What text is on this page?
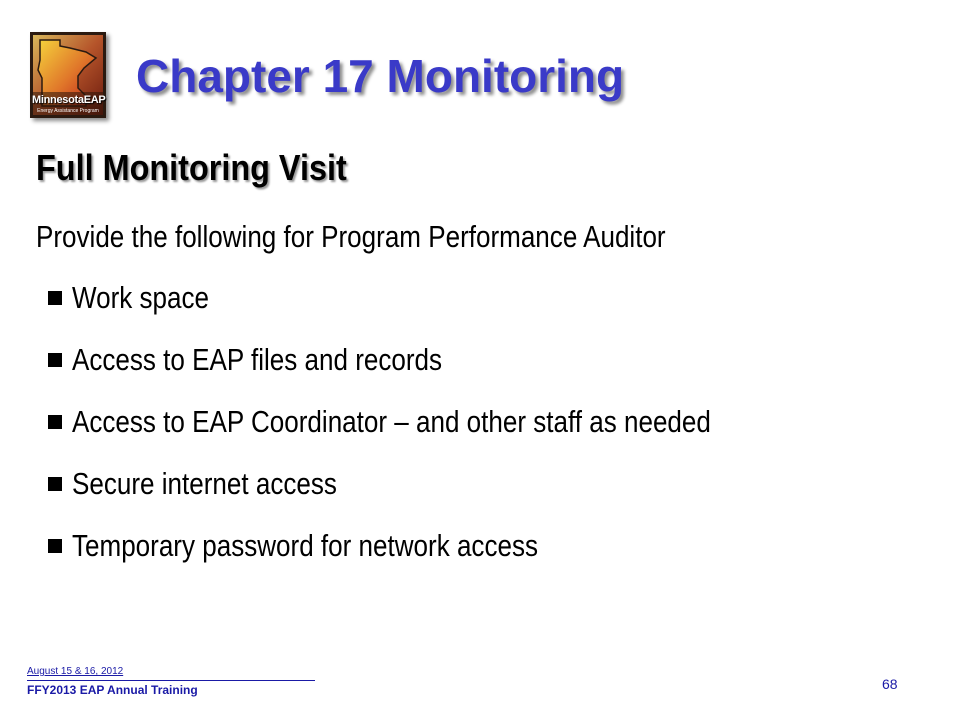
MinnesotaEAP
Energy Assistance Program
Chapter 17 Monitoring
Full Monitoring Visit
Provide the following for Program Performance Auditor
Work space
Access to EAP files and records
Access to EAP Coordinator – and other staff as needed
Secure internet access
Temporary password for network access
August 15 & 16, 2012
FFY2013 EAP Annual Training	68
